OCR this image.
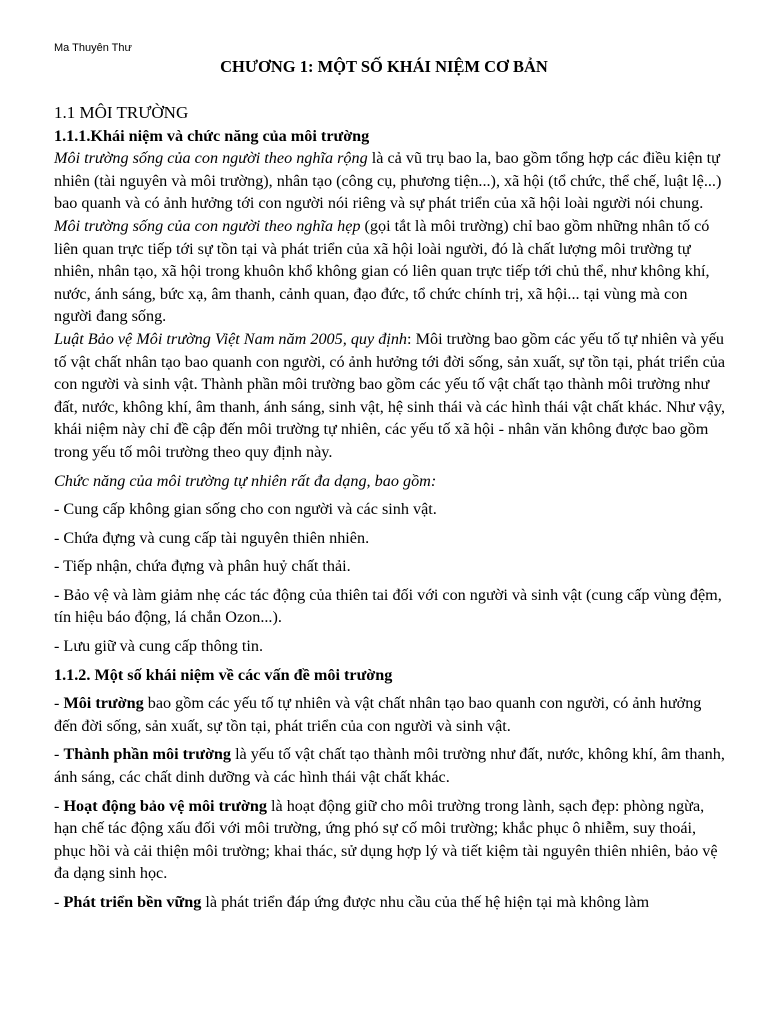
Ma Thuyên Thư
CHƯƠNG 1: MỘT SỐ KHÁI NIỆM CƠ BẢN

1.1 MÔI TRƯỜNG

1.1.1.Khái niệm và chức năng của môi trường

Môi trường sống của con người theo nghĩa rộng là cả vũ trụ bao la, bao gồm tổng hợp các điều kiện tự nhiên (tài nguyên và môi trường), nhân tạo (công cụ, phương tiện...), xã hội (tổ chức, thể chế, luật lệ...) bao quanh và có ảnh hưởng tới con người nói riêng và sự phát triển của xã hội loài người nói chung.

Môi trường sống của con người theo nghĩa hẹp (gọi tắt là môi trường) chỉ bao gồm những nhân tố có liên quan trực tiếp tới sự tồn tại và phát triển của xã hội loài người, đó là chất lượng môi trường tự nhiên, nhân tạo, xã hội trong khuôn khổ không gian có liên quan trực tiếp tới chủ thể, như không khí, nước, ánh sáng, bức xạ, âm thanh, cảnh quan, đạo đức, tổ chức chính trị, xã hội... tại vùng mà con người đang sống.

Luật Bảo vệ Môi trường Việt Nam năm 2005, quy định: Môi trường bao gồm các yếu tố tự nhiên và yếu tố vật chất nhân tạo bao quanh con người, có ảnh hưởng tới đời sống, sản xuất, sự tồn tại, phát triển của con người và sinh vật. Thành phần môi trường bao gồm các yếu tố vật chất tạo thành môi trường như đất, nước, không khí, âm thanh, ánh sáng, sinh vật, hệ sinh thái và các hình thái vật chất khác. Như vậy, khái niệm này chỉ đề cập đến môi trường tự nhiên, các yếu tố xã hội - nhân văn không được bao gồm trong yếu tố môi trường theo quy định này.

Chức năng của môi trường tự nhiên rất đa dạng, bao gồm:

- Cung cấp không gian sống cho con người và các sinh vật.

- Chứa đựng và cung cấp tài nguyên thiên nhiên.

- Tiếp nhận, chứa đựng và phân huỷ chất thải.

- Bảo vệ và làm giảm nhẹ các tác động của thiên tai đối với con người và sinh vật (cung cấp vùng đệm, tín hiệu báo động, lá chắn Ozon...).

- Lưu giữ và cung cấp thông tin.

1.1.2. Một số khái niệm về các vấn đề môi trường

- Môi trường bao gồm các yếu tố tự nhiên và vật chất nhân tạo bao quanh con người, có ảnh hưởng đến đời sống, sản xuất, sự tồn tại, phát triển của con người và sinh vật.

- Thành phần môi trường là yếu tố vật chất tạo thành môi trường như đất, nước, không khí, âm thanh, ánh sáng, các chất dinh dưỡng và các hình thái vật chất khác.

- Hoạt động bảo vệ môi trường là hoạt động giữ cho môi trường trong lành, sạch đẹp: phòng ngừa, hạn chế tác động xấu đối với môi trường, ứng phó sự cố môi trường; khắc phục ô nhiễm, suy thoái, phục hồi và cải thiện môi trường; khai thác, sử dụng hợp lý và tiết kiệm tài nguyên thiên nhiên, bảo vệ đa dạng sinh học.

- Phát triển bền vững là phát triển đáp ứng được nhu cầu của thế hệ hiện tại mà không làm
